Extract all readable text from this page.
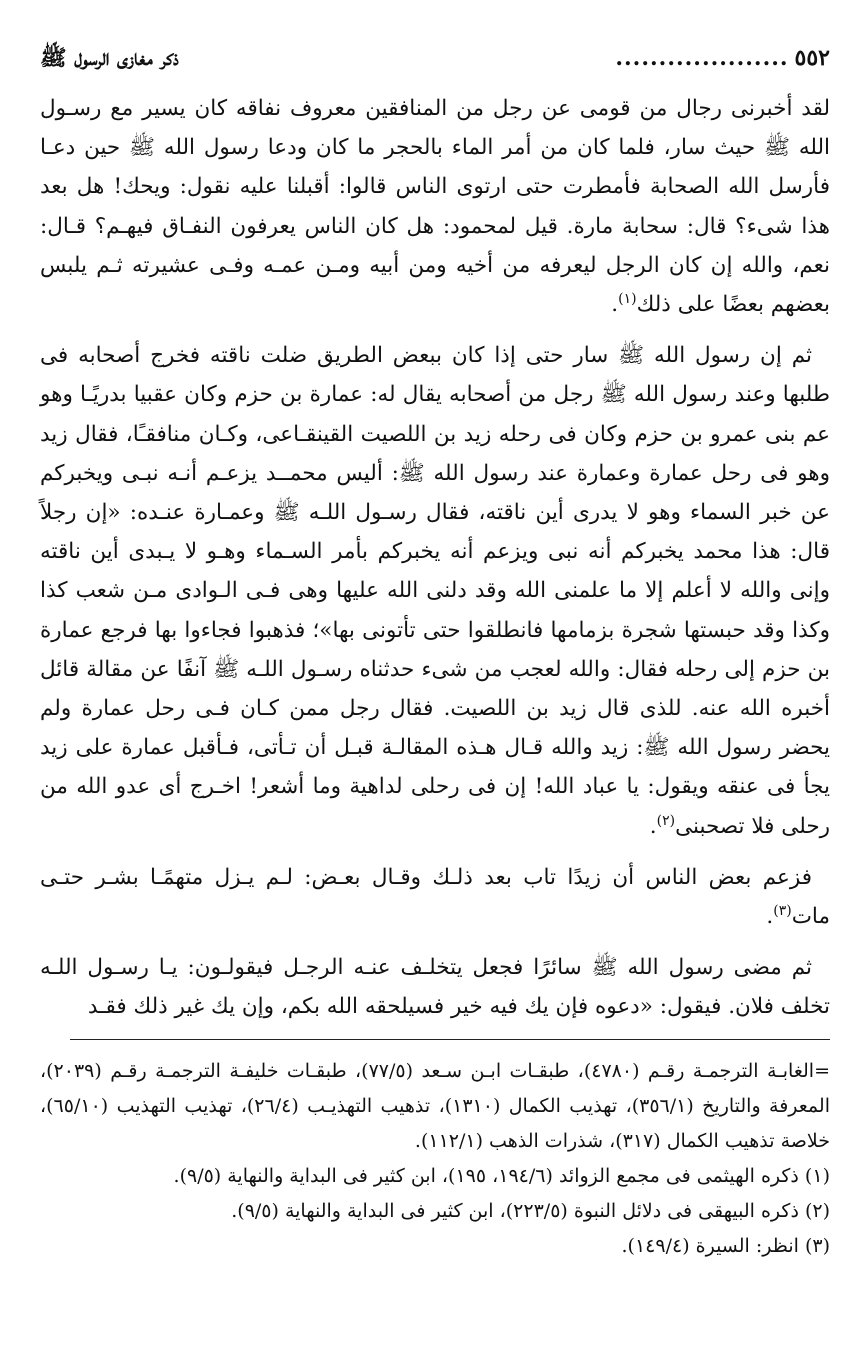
٥٥٢
....................
ذكر مغازى الرسول ﷺ

لقد أخبرنى رجال من قومى عن رجل من المنافقين معروف نفاقه كان يسير مع رسـول الله ﷺ حيث سار، فلما كان من أمر الماء بالحجر ما كان ودعا رسول الله ﷺ حين دعـا فأرسل الله الصحابة فأمطرت حتى ارتوى الناس قالوا: أقبلنا عليه نقول: ويحك! هل بعد هذا شىء؟ قال: سحابة مارة. قيل لمحمود: هل كان الناس يعرفون النفـاق فيهـم؟ قـال: نعم، والله إن كان الرجل ليعرفه من أخيه ومن أبيه ومـن عمـه وفـى عشيرته ثـم يلبس بعضهم بعضًا على ذلك$^{(١)}$.

ثم إن رسول الله ﷺ سار حتى إذا كان ببعض الطريق ضلت ناقته فخرج أصحابه فى طلبها وعند رسول الله ﷺ رجل من أصحابه يقال له: عمارة بن حزم وكان عقبيا بدريًـا وهو عم بنى عمرو بن حزم وكان فى رحله زيد بن اللصيت القينقـاعى، وكـان منافقـًا، فقال زيد وهو فى رحل عمارة وعمارة عند رسول الله ﷺ: أليس محمــد يزعـم أنـه نبـى ويخبركم عن خبر السماء وهو لا يدرى أين ناقته، فقال رسـول اللـه ﷺ وعمـارة عنـده: «إن رجلاً قال: هذا محمد يخبركم أنه نبى ويزعم أنه يخبركم بأمر السـماء وهـو لا يـبدى أين ناقته وإنى والله لا أعلم إلا ما علمنى الله وقد دلنى الله عليها وهى فـى الـوادى مـن شعب كذا وكذا وقد حبستها شجرة بزمامها فانطلقوا حتى تأتونى بها»؛ فذهبوا فجاءوا بها فرجع عمارة بن حزم إلى رحله فقال: والله لعجب من شىء حدثناه رسـول اللـه ﷺ آنفًا عن مقالة قائل أخبره الله عنه. للذى قال زيد بن اللصيت. فقال رجل ممن كـان فـى رحل عمارة ولم يحضر رسول الله ﷺ: زيد والله قـال هـذه المقالـة قبـل أن تـأتى، فـأقبل عمارة على زيد يجأ فى عنقه ويقول: يا عباد الله! إن فى رحلى لداهية وما أشعر! اخـرج أى عدو الله من رحلى فلا تصحبنى$^{(٢)}$.

فزعم بعض الناس أن زيدًا تاب بعد ذلـك وقـال بعـض: لـم يـزل متهمًـا بشـر حتـى مات$^{(٣)}$.

ثم مضى رسول الله ﷺ سائرًا فجعل يتخلـف عنـه الرجـل فيقولـون: يـا رسـول اللـه تخلف فلان. فيقول: «دعوه فإن يك فيه خير فسيلحقه الله بكم، وإن يك غير ذلك فقـد

=الغابـة الترجمـة رقـم (٤٧٨٠)، طبقـات ابـن سـعد (٧٧/٥)، طبقـات خليفـة الترجمـة رقـم (٢٠٣٩)، المعرفة والتاريخ (٣٥٦/١)، تهذيب الكمال (١٣١٠)، تذهيب التهذيـب (٢٦/٤)، تهذيب التهذيب (٦٥/١٠)، خلاصة تذهيب الكمال (٣١٧)، شذرات الذهب (١١٢/١).

(١) ذكره الهيثمى فى مجمع الزوائد (١٩٤/٦، ١٩٥)، ابن كثير فى البداية والنهاية (٩/٥).

(٢) ذكره البيهقى فى دلائل النبوة (٢٢٣/٥)، ابن كثير فى البداية والنهاية (٩/٥).

(٣) انظر: السيرة (١٤٩/٤).
